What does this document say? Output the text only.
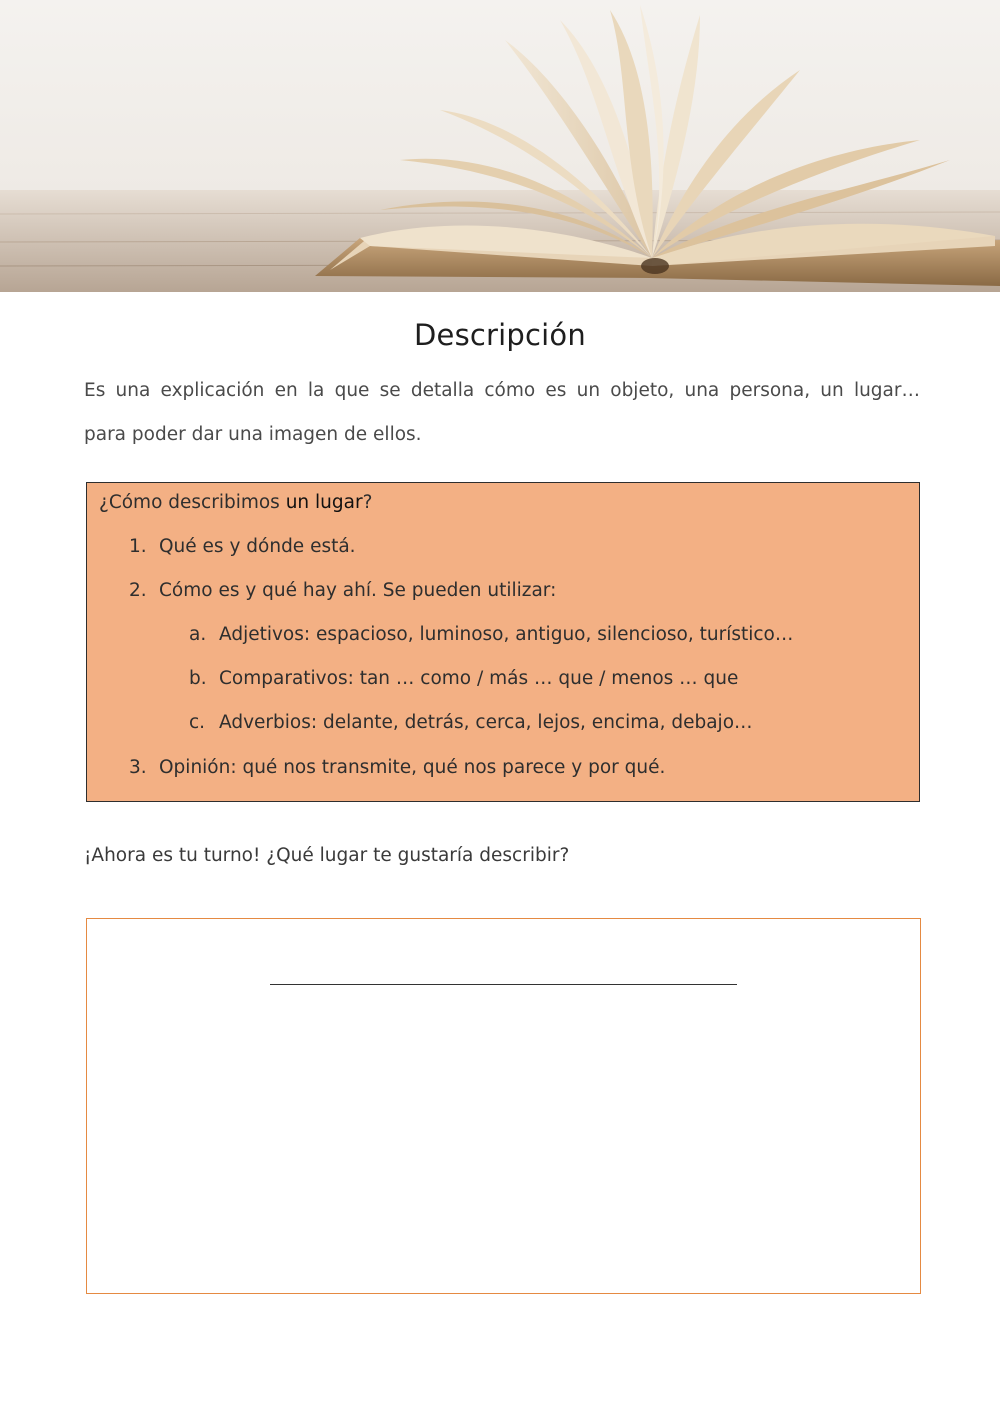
Descripción
Es una explicación en la que se detalla cómo es un objeto, una persona, un lugar…
para poder dar una imagen de ellos.
¿Cómo describimos un lugar?
1. Qué es y dónde está.
2. Cómo es y qué hay ahí. Se pueden utilizar:
a. Adjetivos: espacioso, luminoso, antiguo, silencioso, turístico…
b. Comparativos: tan … como / más … que / menos … que
c. Adverbios: delante, detrás, cerca, lejos, encima, debajo…
3. Opinión: qué nos transmite, qué nos parece y por qué.
¡Ahora es tu turno! ¿Qué lugar te gustaría describir?
